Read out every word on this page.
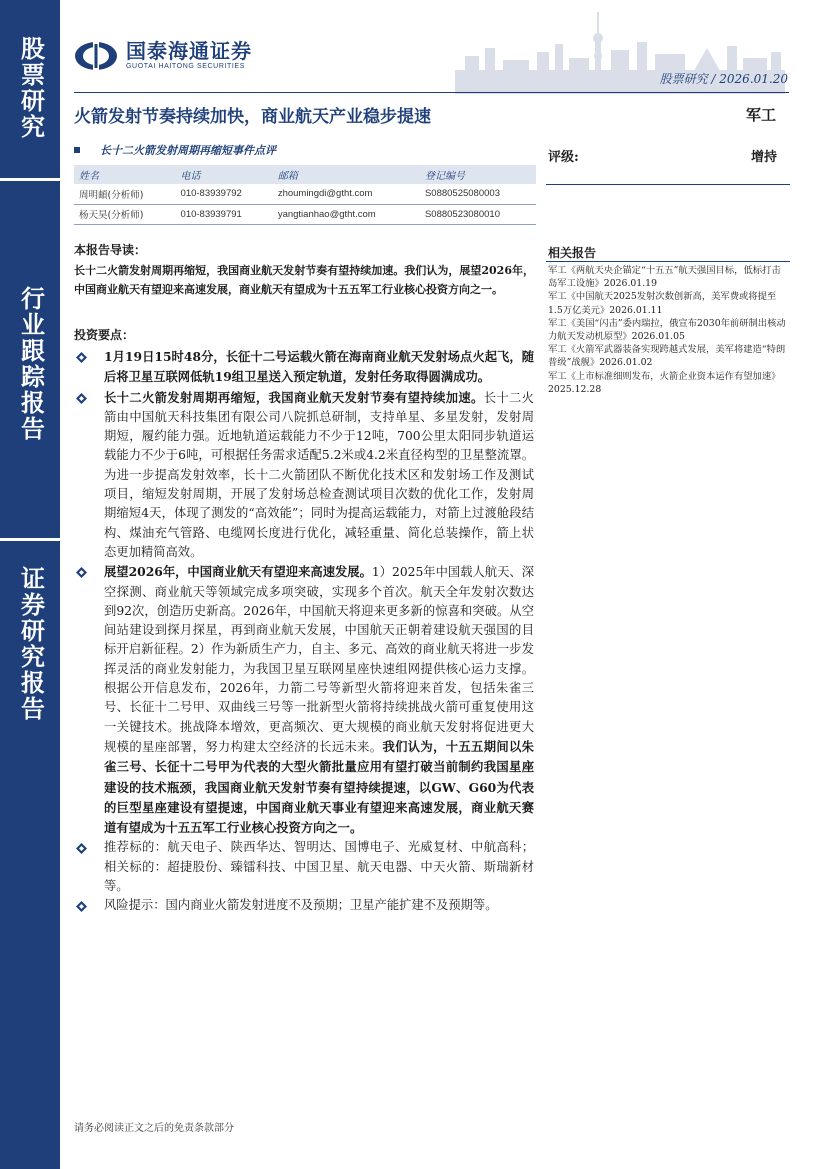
股票研究
行业跟踪报告
证券研究报告
国泰海通证券
GUOTAI HAITONG SECURITIES
股票研究 / 2026.01.20
火箭发射节奏持续加快，商业航天产业稳步提速	军工
长十二火箭发射周期再缩短事件点评	评级:	增持
姓名	电话	邮箱	登记编号
周明頔(分析师)	010-83939792	zhoumingdi@gtht.com	S0880525080003
杨天昊(分析师)	010-83939791	yangtianhao@gtht.com	S0880523080010
本报告导读：
长十二火箭发射周期再缩短，我国商业航天发射节奏有望持续加速。我们认为，展望2026年，中国商业航天有望迎来高速发展，商业航天有望成为十五五军工行业核心投资方向之一。
投资要点：
1月19日15时48分，长征十二号运载火箭在海南商业航天发射场点火起飞，随后将卫星互联网低轨19组卫星送入预定轨道，发射任务取得圆满成功。
长十二火箭发射周期再缩短，我国商业航天发射节奏有望持续加速。长十二火箭由中国航天科技集团有限公司八院抓总研制，支持单星、多星发射，发射周期短，履约能力强。近地轨道运载能力不少于12吨，700公里太阳同步轨道运载能力不少于6吨，可根据任务需求适配5.2米或4.2米直径构型的卫星整流罩。为进一步提高发射效率，长十二火箭团队不断优化技术区和发射场工作及测试项目，缩短发射周期，开展了发射场总检查测试项目次数的优化工作，发射周期缩短4天，体现了测发的“高效能”；同时为提高运载能力，对箭上过渡舱段结构、煤油充气管路、电缆网长度进行优化，减轻重量、简化总装操作，箭上状态更加精简高效。
展望2026年，中国商业航天有望迎来高速发展。1）2025年中国载人航天、深空探测、商业航天等领域完成多项突破，实现多个首次。航天全年发射次数达到92次，创造历史新高。2026年，中国航天将迎来更多新的惊喜和突破。从空间站建设到探月探星，再到商业航天发展，中国航天正朝着建设航天强国的目标开启新征程。2）作为新质生产力，自主、多元、高效的商业航天将进一步发挥灵活的商业发射能力，为我国卫星互联网星座快速组网提供核心运力支撑。根据公开信息发布，2026年，力箭二号等新型火箭将迎来首发，包括朱雀三号、长征十二号甲、双曲线三号等一批新型火箭将持续挑战火箭可重复使用这一关键技术。挑战降本增效，更高频次、更大规模的商业航天发射将促进更大规模的星座部署，努力构建太空经济的长远未来。我们认为，十五五期间以朱雀三号、长征十二号甲为代表的大型火箭批量应用有望打破当前制约我国星座建设的技术瓶颈，我国商业航天发射节奏有望持续提速，以GW、G60为代表的巨型星座建设有望提速，中国商业航天事业有望迎来高速发展，商业航天赛道有望成为十五五军工行业核心投资方向之一。
推荐标的：航天电子、陕西华达、智明达、国博电子、光威复材、中航高科；相关标的：超捷股份、臻镭科技、中国卫星、航天电器、中天火箭、斯瑞新材等。
风险提示：国内商业火箭发射进度不及预期；卫星产能扩建不及预期等。
相关报告
军工《两航天央企锚定“十五五”航天强国目标，低标打击岛军工设施》2026.01.19
军工《中国航天2025发射次数创新高，美军费或将提至1.5万亿美元》2026.01.11
军工《美国“闪击”委内瑞拉，俄宣布2030年前研制出核动力航天发动机原型》2026.01.05
军工《火箭军武器装备实现跨越式发展，美军将建造“特朗普级”战舰》2026.01.02
军工《上市标准细则发布，火箭企业资本运作有望加速》2025.12.28
请务必阅读正文之后的免责条款部分
